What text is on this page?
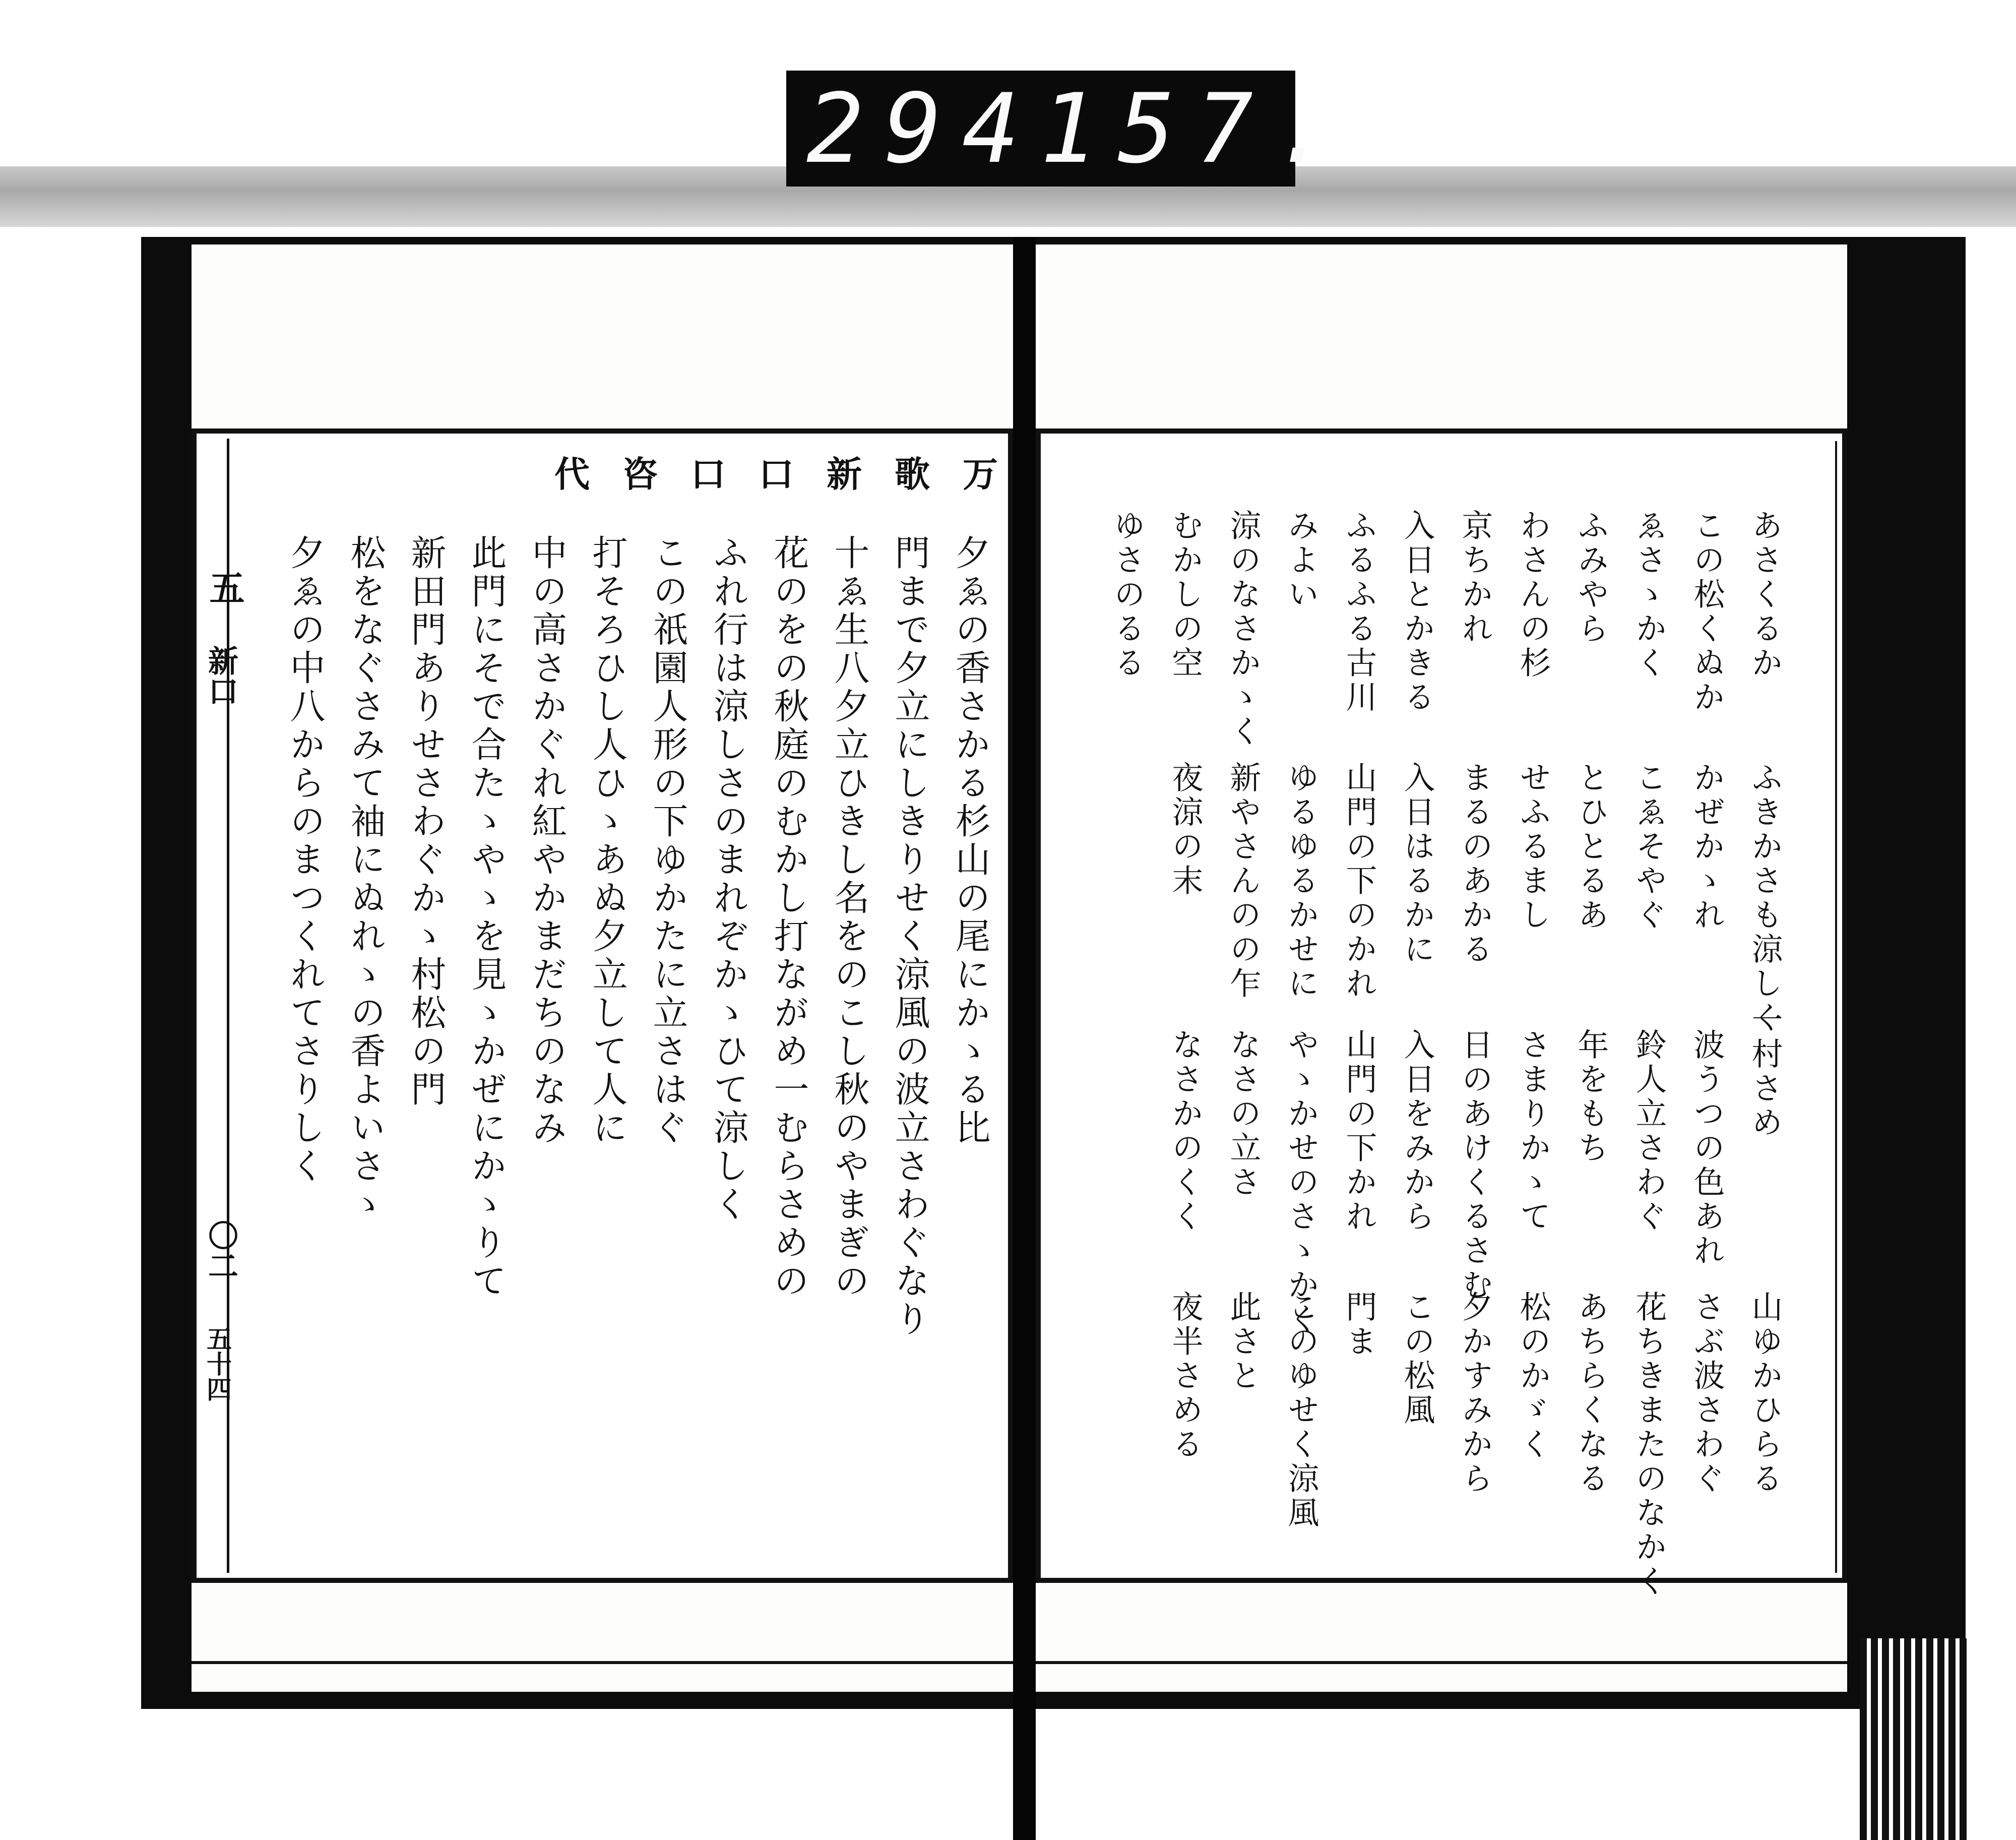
294 157.
五
新口
〇二
五十四
万
歌
新
口
口
咨
代
夕ゑの香さかる杉山の尾にかゝる比
門まで夕立にしきりせく涼風の波立さわぐなり
十ゑ生八夕立ひきし名をのこし秋のやまぎの
花のをの秋庭のむかし打ながめ一むらさめの
ふれ行は涼しさのまれぞかゝひて涼しく
この祇園人形の下ゆかたに立さはぐ
打そろひし人ひゝあぬ夕立して人に
中の高さかぐれ紅やかまだちのなみ
此門にそで合たゝやゝを見ゝかぜにかゝりて
新田門ありせさわぐかゝ村松の門
松をなぐさみて袖にぬれゝの香よいさゝ
夕ゑの中八からのまつくれてさりしく	あさくるか
ふきかさも涼しく
一村さめ
山ゆかひらる
この松くぬか
かぜかゝれ
波うつの色あれ
さぶ波さわぐ
ゑさゝかく
こゑそやぐ
鈴人立さわぐ
花ちきまたのなかく
ふみやら
とひとるあ
年をもち
あちらくなる
わさんの杉
せふるまし
さまりかゝて
松のかゞく
京ちかれ
まるのあかる
日のあけくるさむ
夕かすみから
入日とかきる
入日はるかに
入日をみから
この松風
ふるふる古川
山門の下のかれ
山門の下かれ
門ま
みよい
ゆるゆるかせに
やゝかせのさゝかく
このゆせく涼風
涼のなさかゝく
新やさんのの乍
なさの立さ
此さと
むかしの空
夜涼の末
なさかのくく
夜半さめる
ゆさのるる
